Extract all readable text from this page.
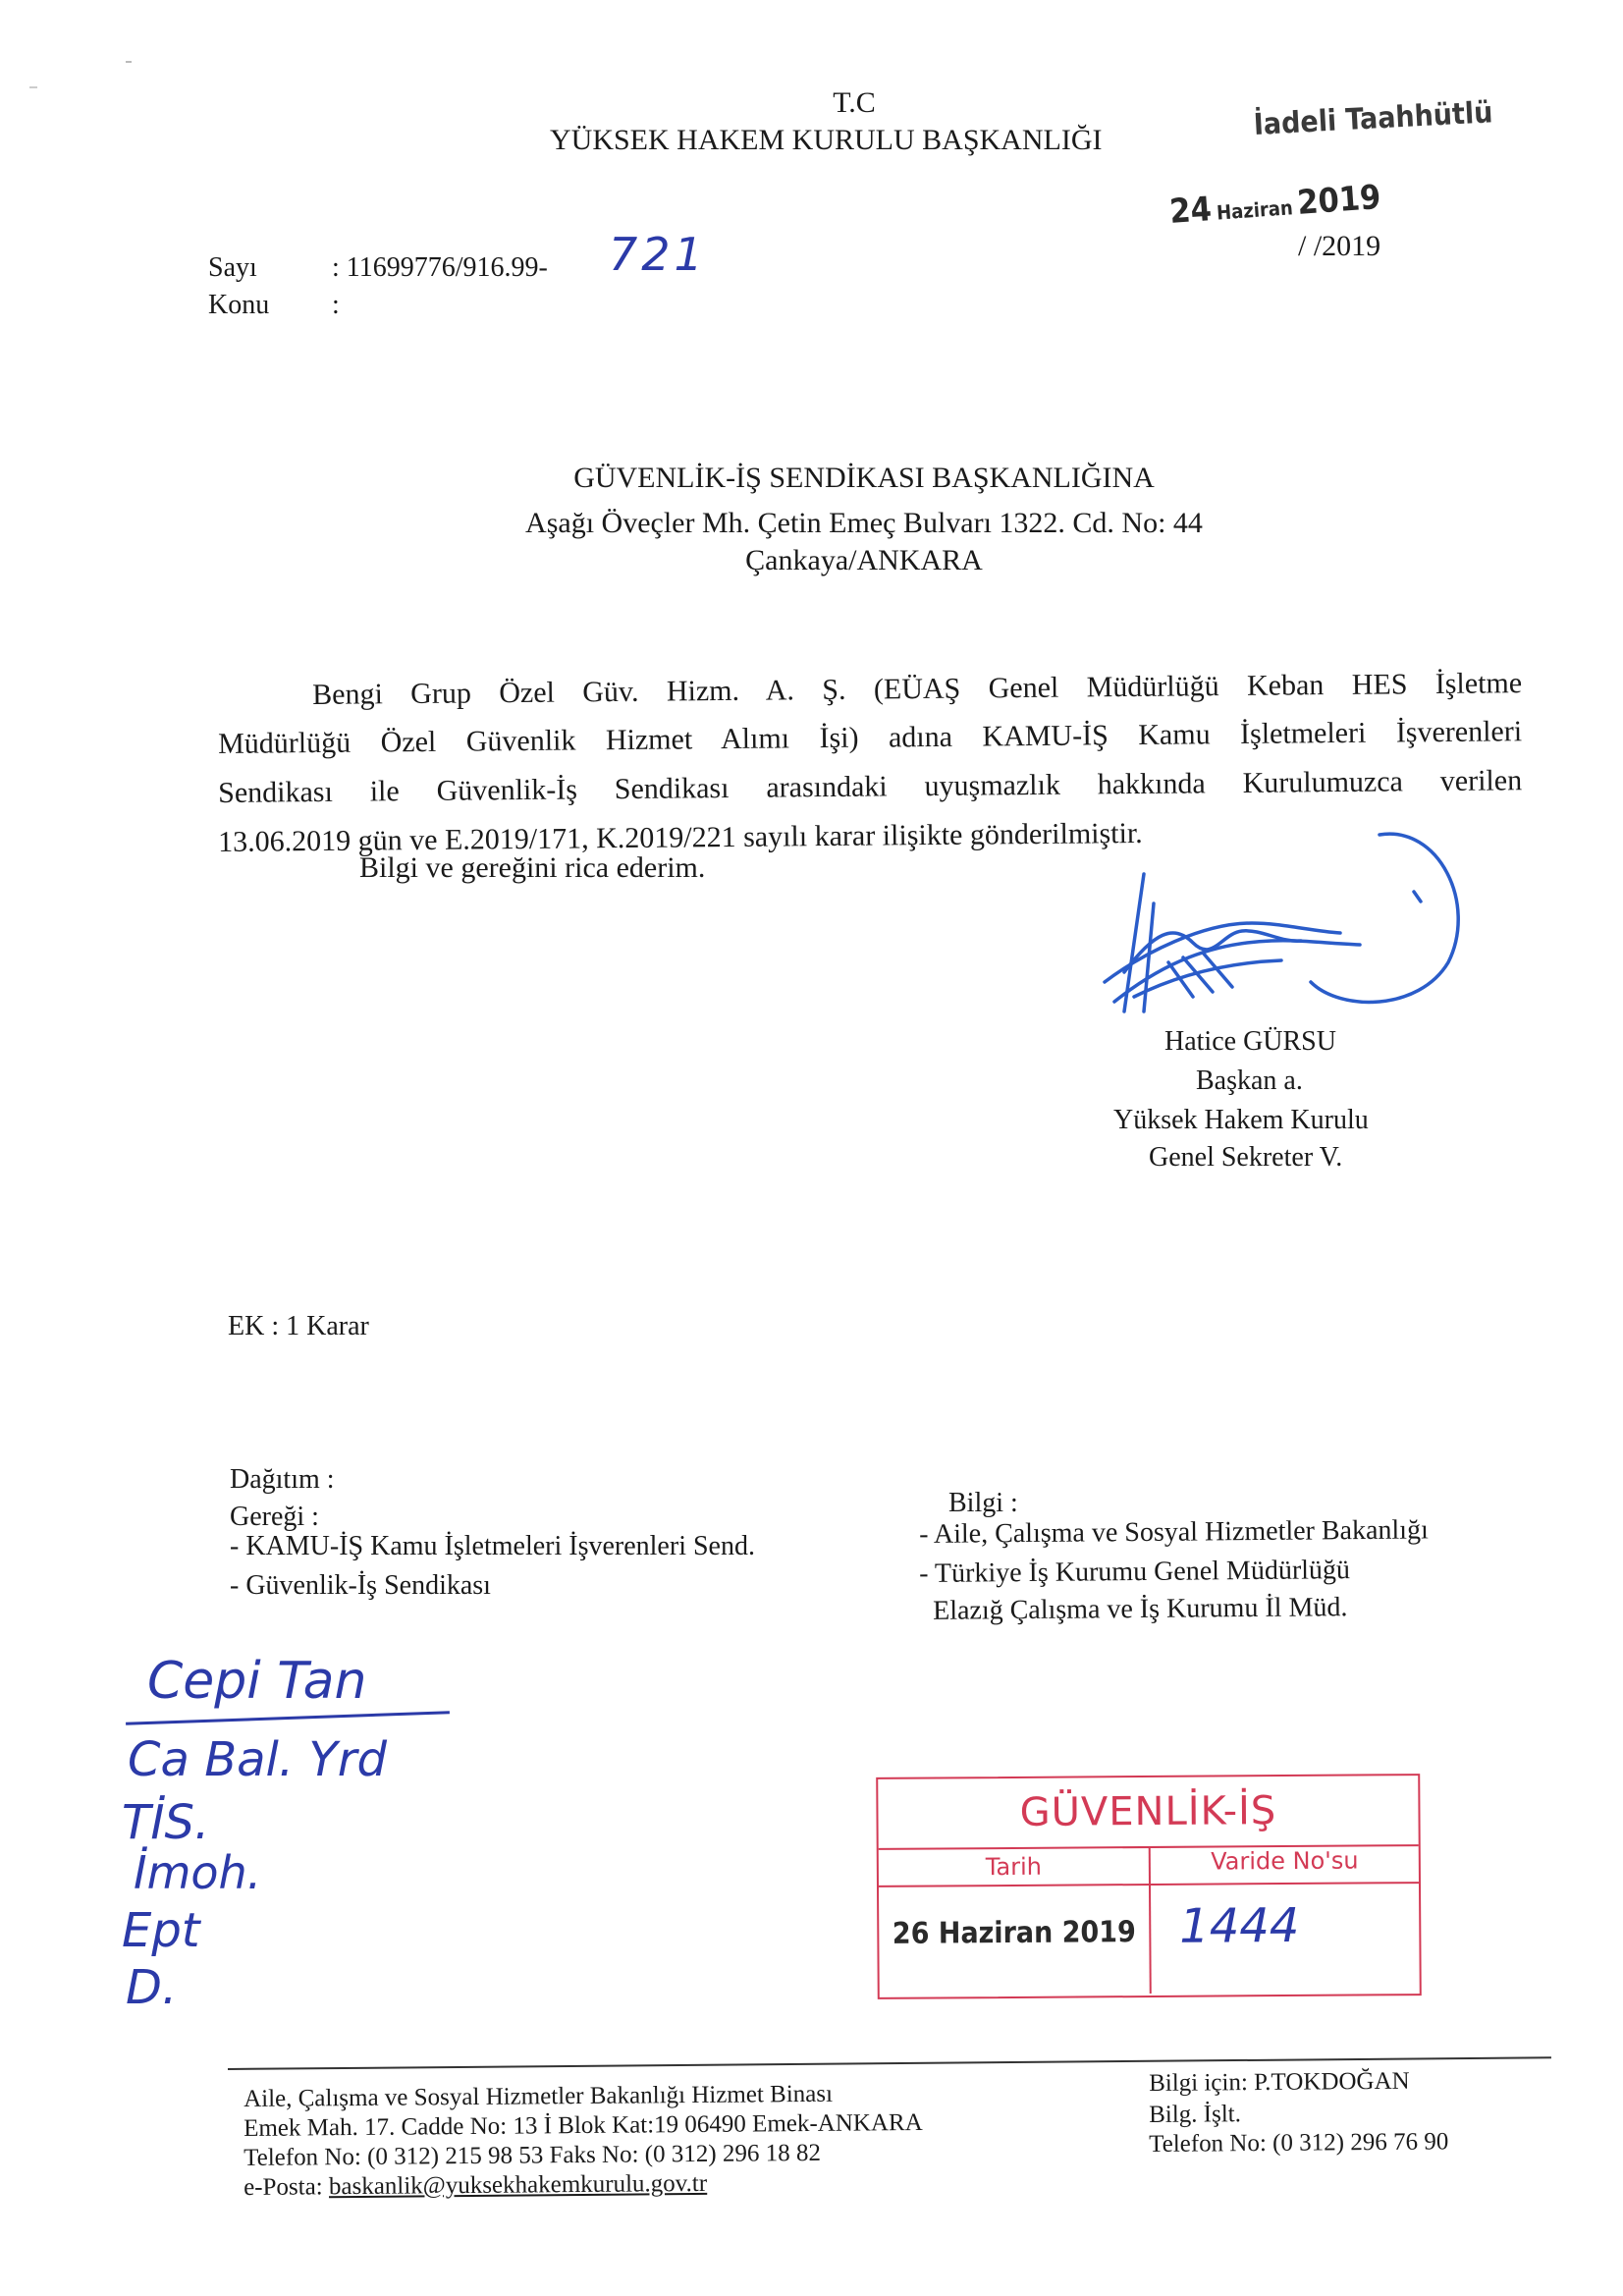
T.C
YÜKSEK HAKEM KURULU BAŞKANLIĞI	İadeli Taahhütlü
24 Haziran 2019
/ /2019
Sayı	: 11699776/916.99- 721
Konu :
GÜVENLİK-İŞ SENDİKASI BAŞKANLIĞINA
Aşağı Öveçler Mh. Çetin Emeç Bulvarı 1322. Cd. No: 44
Çankaya/ANKARA
Bengi Grup Özel Güv. Hizm. A. Ş. (EÜAŞ Genel Müdürlüğü Keban HES İşletme
Müdürlüğü Özel Güvenlik Hizmet Alımı İşi) adına KAMU-İŞ Kamu İşletmeleri İşverenleri
Sendikası ile Güvenlik-İş Sendikası arasındaki uyuşmazlık hakkında Kurulumuzca verilen
13.06.2019 gün ve E.2019/171, K.2019/221 sayılı karar ilişikte gönderilmiştir.
Bilgi ve gereğini rica ederim.
Hatice GÜRSU
Başkan a.
Yüksek Hakem Kurulu
Genel Sekreter V.
EK : 1 Karar
Dağıtım :
Gereği :
- KAMU-İŞ Kamu İşletmeleri İşverenleri Send.
- Güvenlik-İş Sendikası
Bilgi :
- Aile, Çalışma ve Sosyal Hizmetler Bakanlığı
- Türkiye İş Kurumu Genel Müdürlüğü
Elazığ Çalışma ve İş Kurumu İl Müd.
Cepi Tan
Ca Bal. Yrd
TİS.
İmoh.
Ept
D.
GÜVENLİK-İŞ
Tarih	Varide No'su
26 Haziran 2019 1444
Aile, Çalışma ve Sosyal Hizmetler Bakanlığı Hizmet Binası
Emek Mah. 17. Cadde No: 13 İ Blok Kat:19 06490 Emek-ANKARA
Telefon No: (0 312) 215 98 53 Faks No: (0 312) 296 18 82
e-Posta: baskanlik@yuksekhakemkurulu.gov.tr
Bilgi için: P.TOKDOĞAN
Bilg. İşlt.
Telefon No: (0 312) 296 76 90
